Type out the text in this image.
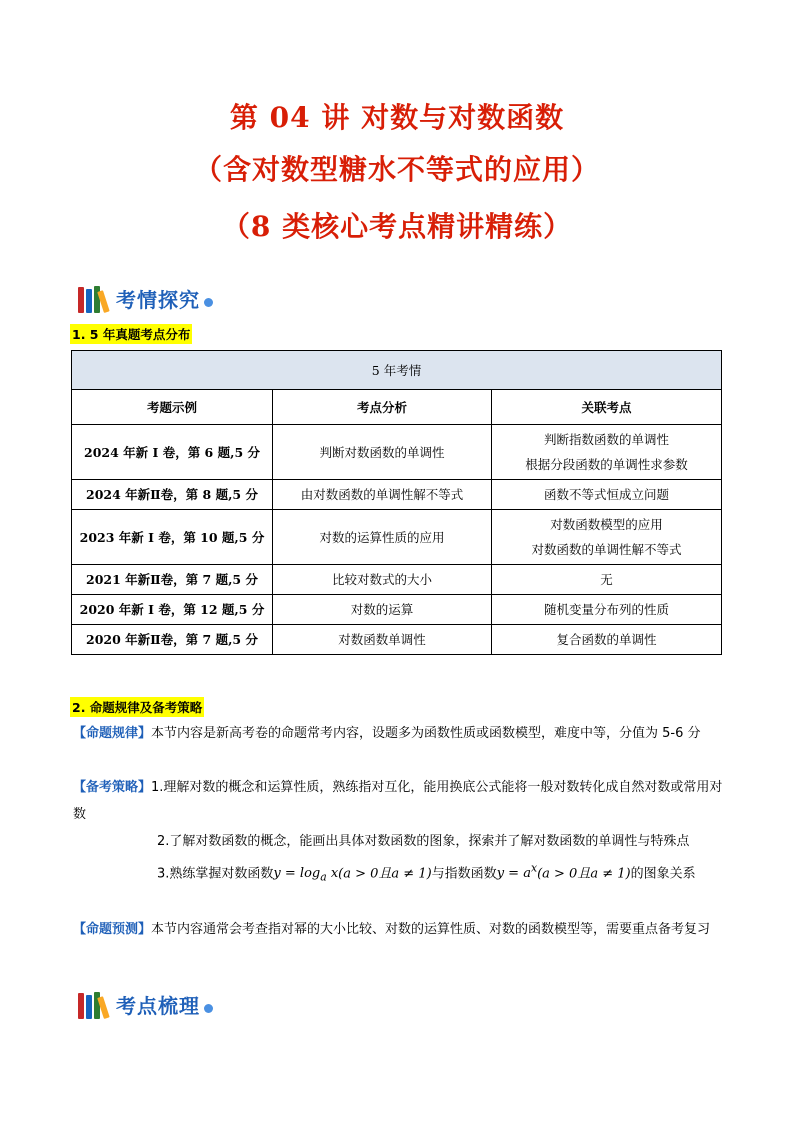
第 04 讲 对数与对数函数
（含对数型糖水不等式的应用）
（8 类核心考点精讲精练）
考情探究
1. 5 年真题考点分布
5 年考情		
考题示例	考点分析	关联考点
2024 年新 I 卷，第 6 题,5 分	判断对数函数的单调性	判断指数函数的单调性
根据分段函数的单调性求参数

2024 年新Ⅱ卷，第 8 题,5 分	由对数函数的单调性解不等式	函数不等式恒成立问题
2023 年新 I 卷，第 10 题,5 分	对数的运算性质的应用	对数函数模型的应用
对数函数的单调性解不等式

2021 年新Ⅱ卷，第 7 题,5 分	比较对数式的大小	无
2020 年新 I 卷，第 12 题,5 分	对数的运算	随机变量分布列的性质
2020 年新Ⅱ卷，第 7 题,5 分	对数函数单调性	复合函数的单调性
2. 命题规律及备考策略
【命题规律】本节内容是新高考卷的命题常考内容，设题多为函数性质或函数模型，难度中等，分值为 5-6 分
【备考策略】1.理解对数的概念和运算性质，熟练指对互化，能用换底公式能将一般对数转化成自然对数或常用对数
2.了解对数函数的概念，能画出具体对数函数的图象，探索并了解对数函数的单调性与特殊点
3.熟练掌握对数函数$y = \log_a x(a > 0$且a ≠ 1)与指数函数$y = a^x(a > 0$且a ≠ 1)的图象关系
【命题预测】本节内容通常会考查指对幂的大小比较、对数的运算性质、对数的函数模型等，需要重点备考复习
考点梳理
